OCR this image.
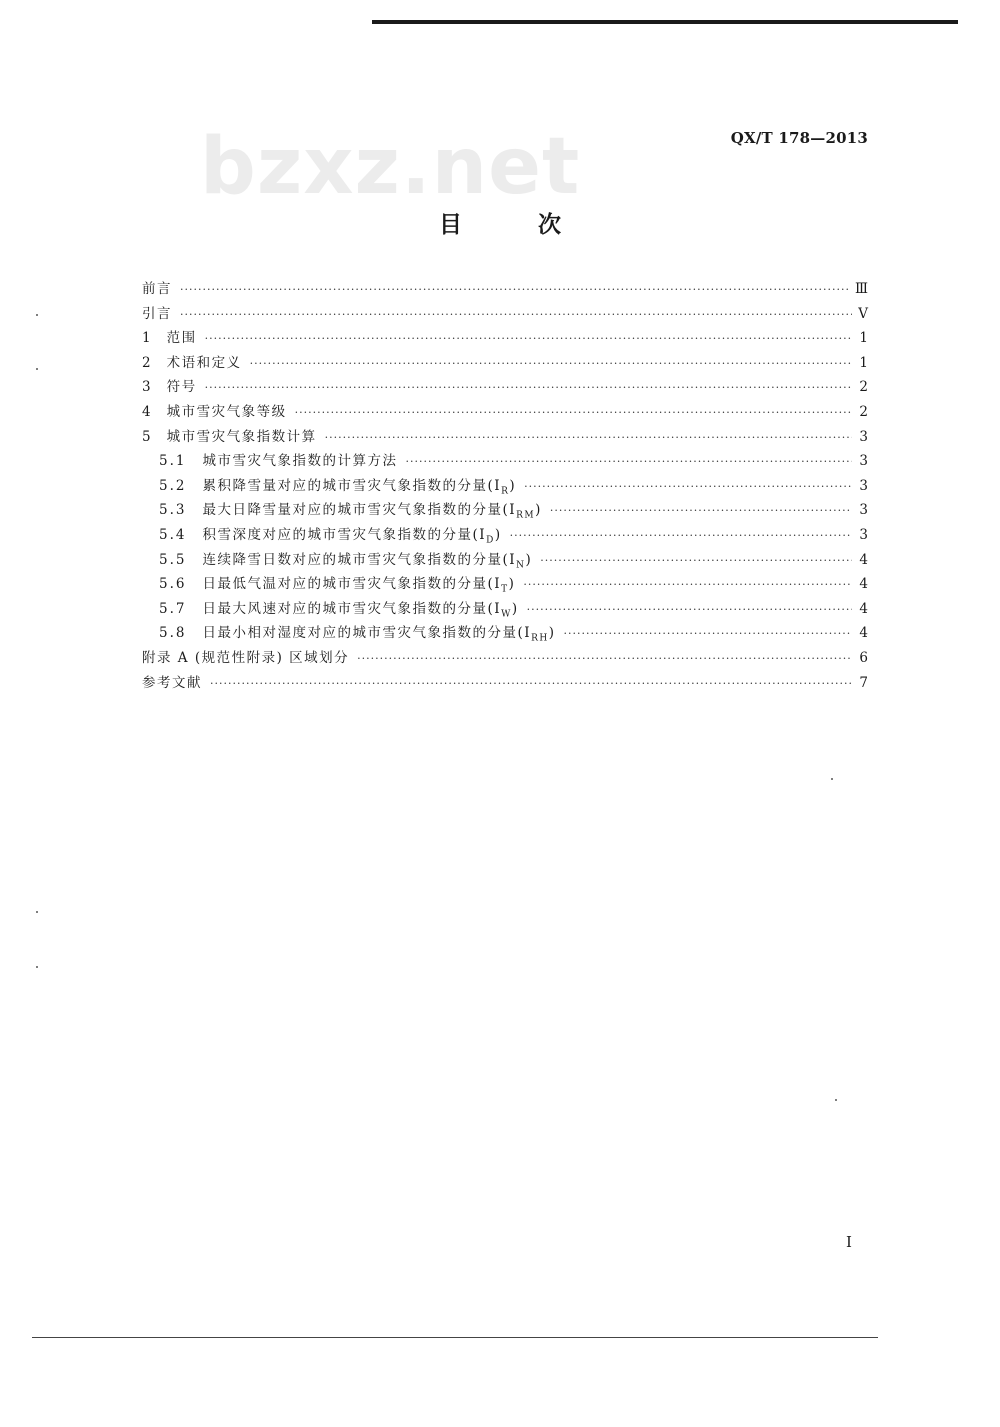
QX/T 178—2013
bzxz.net
目 次
前言 ·····	Ⅲ
引言 ·····	V
1 范围 ·····	1
2 术语和定义 ·····	1
3 符号 ·····	2
4 城市雪灾气象等级 ·····	2
5 城市雪灾气象指数计算 ·····	3
5.1 城市雪灾气象指数的计算方法 ·····	3
5.2 累积降雪量对应的城市雪灾气象指数的分量$(I_R)$ ·····	3
5.3 最大日降雪量对应的城市雪灾气象指数的分量$(I_{RM})$ ·····	3
5.4 积雪深度对应的城市雪灾气象指数的分量$(I_D)$ ·····	3
5.5 连续降雪日数对应的城市雪灾气象指数的分量$(I_N)$ ·····	4
5.6 日最低气温对应的城市雪灾气象指数的分量$(I_T)$ ·····	4
5.7 日最大风速对应的城市雪灾气象指数的分量$(I_W)$ ·····	4
5.8 日最小相对湿度对应的城市雪灾气象指数的分量$(I_{RH})$ ·····	4
附录 A (规范性附录) 区域划分 ·····	6
参考文献 ·····	7
I
